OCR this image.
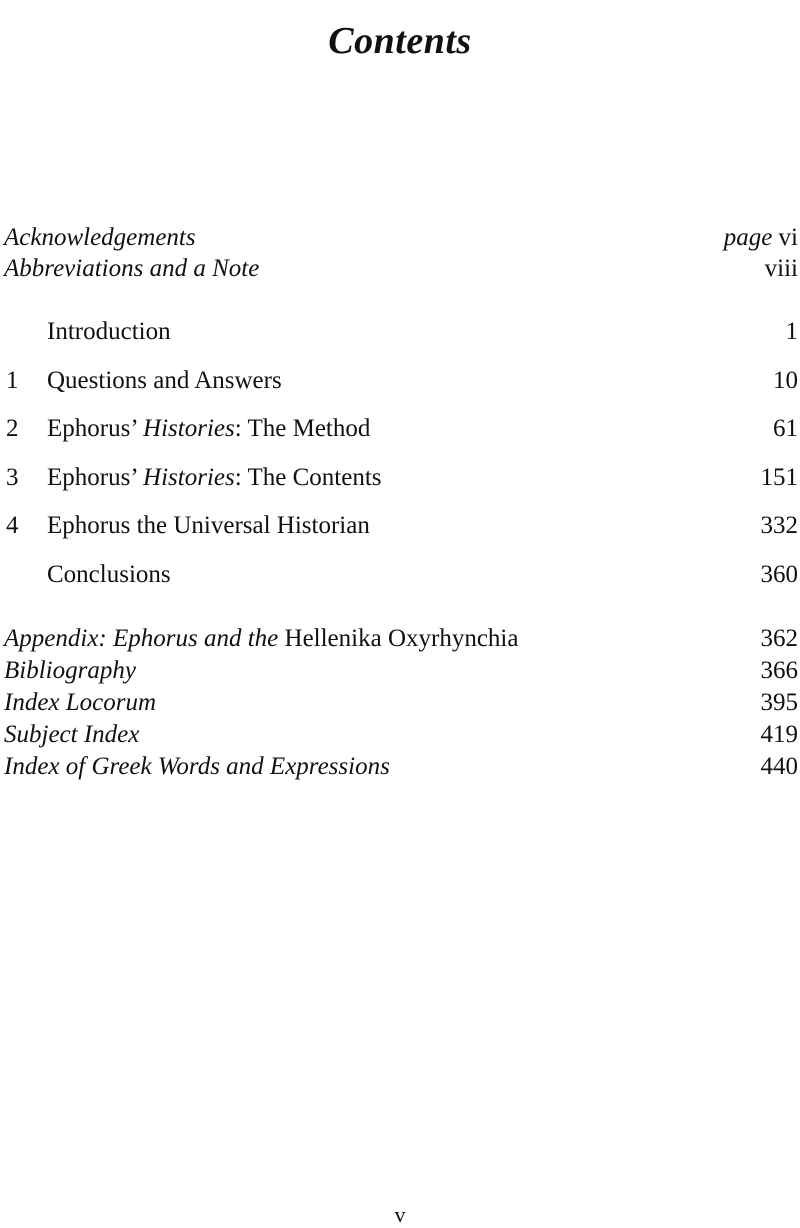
Contents
Acknowledgements	page vi
Abbreviations and a Note	viii
Introduction	1
1 Questions and Answers	10
2 Ephorus’ Histories: The Method	61
3 Ephorus’ Histories: The Contents	151
4 Ephorus the Universal Historian	332
Conclusions	360
Appendix: Ephorus and the Hellenika Oxyrhynchia	362
Bibliography	366
Index Locorum	395
Subject Index	419
Index of Greek Words and Expressions	440
v
